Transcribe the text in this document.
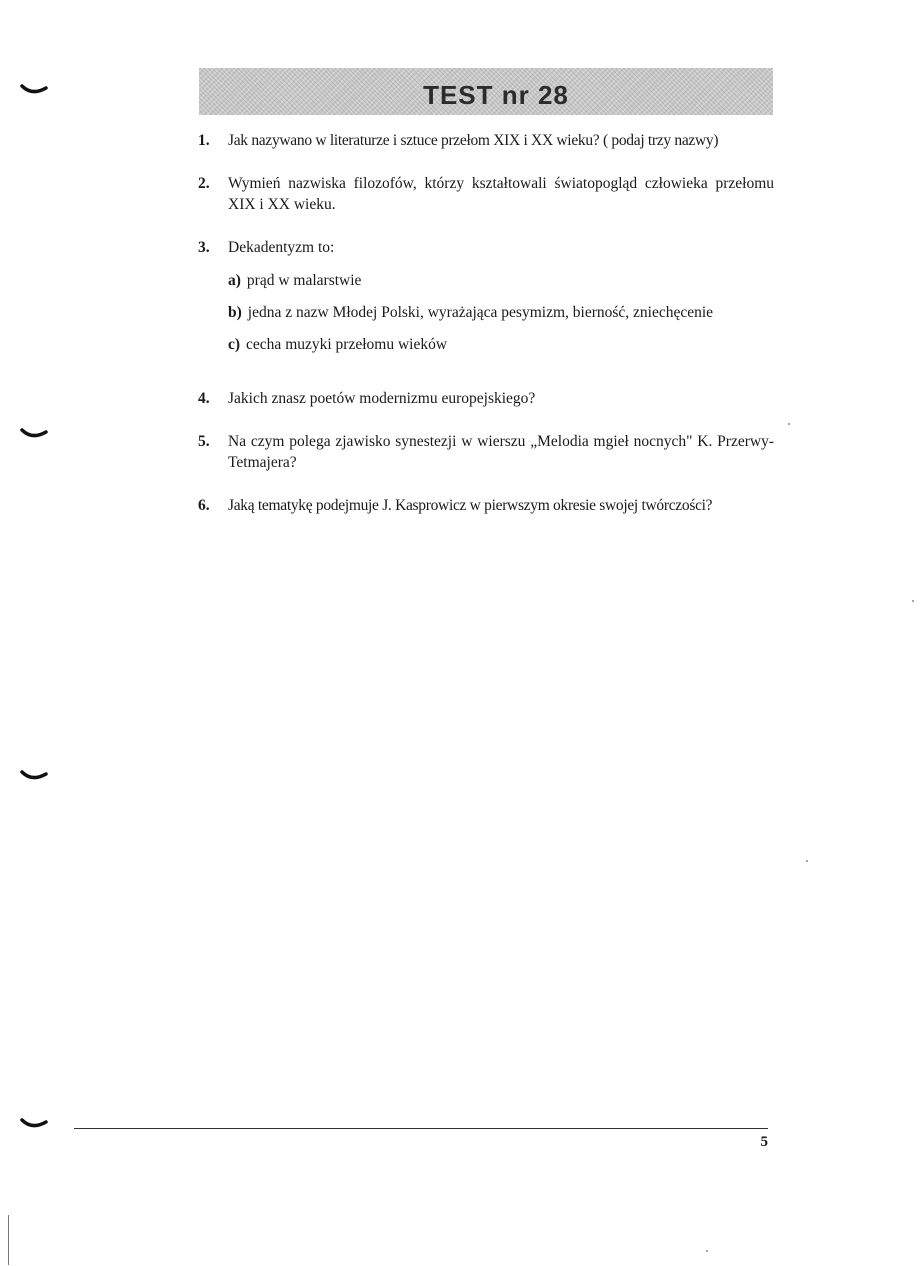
TEST nr 28
1.	Jak nazywano w literaturze i sztuce przełom XIX i XX wieku? ( podaj trzy nazwy)
2.	Wymień nazwiska filozofów, którzy kształtowali światopogląd człowieka przełomu XIX i XX wieku.
3.	Dekadentyzm to:
a) prąd w malarstwie
b) jedna z nazw Młodej Polski, wyrażająca pesymizm, bierność, zniechęcenie
c) cecha muzyki przełomu wieków
4.	Jakich znasz poetów modernizmu europejskiego?
5.	Na czym polega zjawisko synestezji w wierszu „Melodia mgieł nocnych" K. Przerwy-Tetmajera?
6.	Jaką tematykę podejmuje J. Kasprowicz w pierwszym okresie swojej twórczości?
5
